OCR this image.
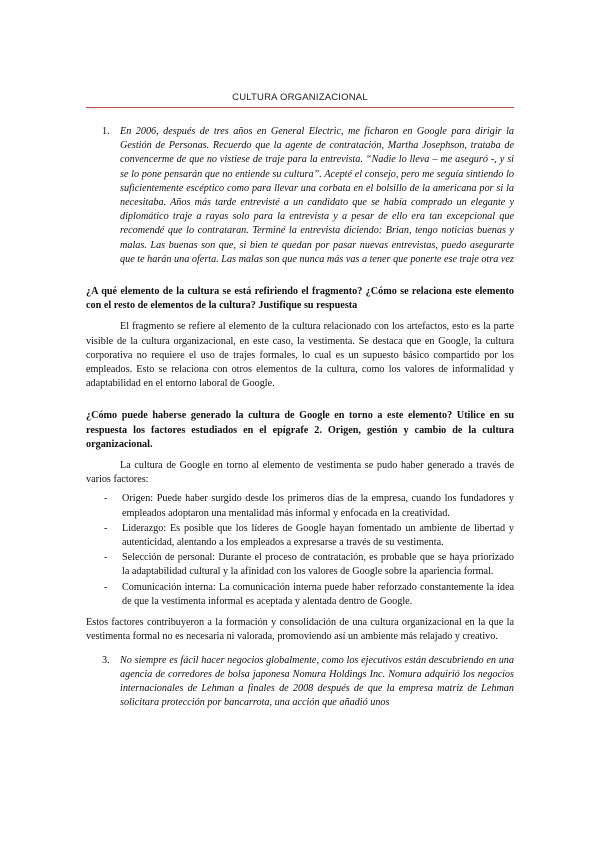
CULTURA ORGANIZACIONAL
1.	En 2006, después de tres años en General Electric, me ficharon en Google para dirigir la Gestión de Personas. Recuerdo que la agente de contratación, Martha Josephson, trataba de convencerme de que no vistiese de traje para la entrevista. “Nadie lo lleva – me aseguró -, y si se lo pone pensarán que no entiende su cultura”. Acepté el consejo, pero me seguía sintiendo lo suficientemente escéptico como para llevar una corbata en el bolsillo de la americana por si la necesitaba. Años más tarde entrevisté a un candidato que se había comprado un elegante y diplomático traje a rayas solo para la entrevista y a pesar de ello era tan excepcional que recomendé que lo contrataran. Terminé la entrevista diciendo: Brian, tengo noticias buenas y malas. Las buenas son que, si bien te quedan por pasar nuevas entrevistas, puedo asegurarte que te harán una oferta. Las malas son que nunca más vas a tener que ponerte ese traje otra vez
¿A qué elemento de la cultura se está refiriendo el fragmento? ¿Cómo se relaciona este elemento con el resto de elementos de la cultura? Justifique su respuesta
El fragmento se refiere al elemento de la cultura relacionado con los artefactos, esto es la parte visible de la cultura organizacional, en este caso, la vestimenta. Se destaca que en Google, la cultura corporativa no requiere el uso de trajes formales, lo cual es un supuesto básico compartido por los empleados. Esto se relaciona con otros elementos de la cultura, como los valores de informalidad y adaptabilidad en el entorno laboral de Google.
¿Cómo puede haberse generado la cultura de Google en torno a este elemento? Utilice en su respuesta los factores estudiados en el epígrafe 2. Origen, gestión y cambio de la cultura organizacional.
La cultura de Google en torno al elemento de vestimenta se pudo haber generado a través de varios factores:
-	Origen: Puede haber surgido desde los primeros días de la empresa, cuando los fundadores y empleados adoptaron una mentalidad más informal y enfocada en la creatividad.
-	Liderazgo: Es posible que los líderes de Google hayan fomentado un ambiente de libertad y autenticidad, alentando a los empleados a expresarse a través de su vestimenta.
-	Selección de personal: Durante el proceso de contratación, es probable que se haya priorizado la adaptabilidad cultural y la afinidad con los valores de Google sobre la apariencia formal.
-	Comunicación interna: La comunicación interna puede haber reforzado constantemente la idea de que la vestimenta informal es aceptada y alentada dentro de Google.
Estos factores contribuyeron a la formación y consolidación de una cultura organizacional en la que la vestimenta formal no es necesaria ni valorada, promoviendo así un ambiente más relajado y creativo.
3.	No siempre es fácil hacer negocios globalmente, como los ejecutivos están descubriendo en una agencia de corredores de bolsa japonesa Nomura Holdings Inc. Nomura adquirió los negocios internacionales de Lehman a finales de 2008 después de que la empresa matriz de Lehman solicitara protección por bancarrota, una acción que añadió unos
